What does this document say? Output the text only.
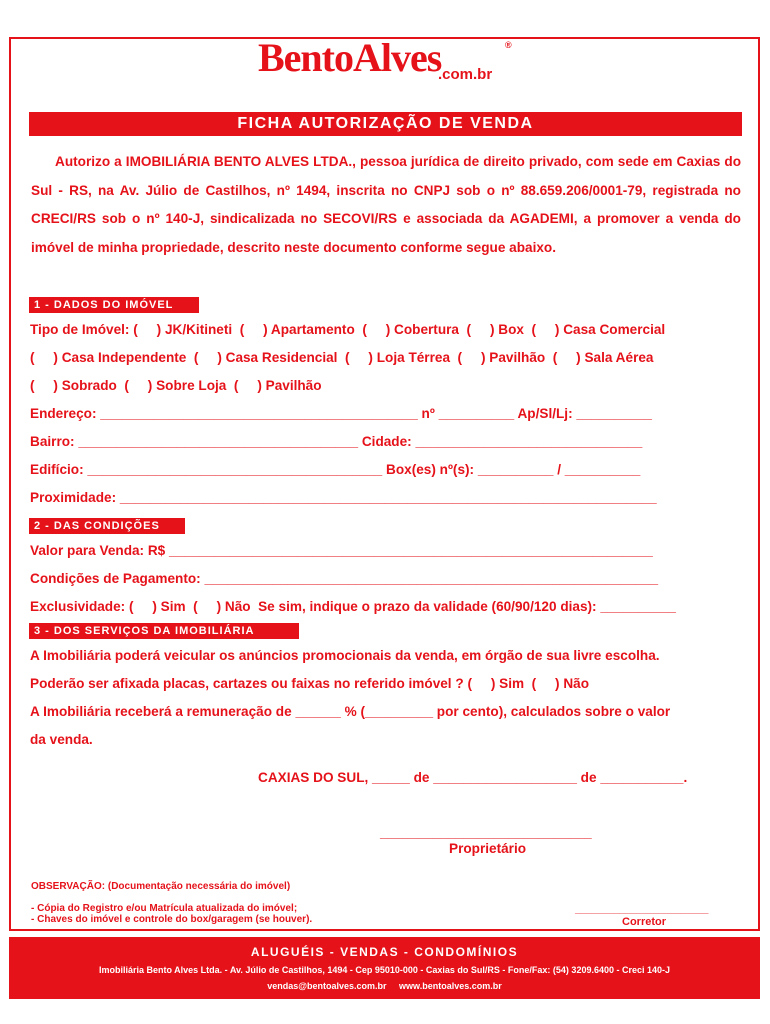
BentoAlves	®
.com.br
FICHA AUTORIZAÇÃO DE VENDA
Autorizo a IMOBILIÁRIA BENTO ALVES LTDA., pessoa jurídica de direito privado, com sede em Caxias do Sul - RS, na Av. Júlio de Castilhos, nº 1494, inscrita no CNPJ sob o nº 88.659.206/0001-79, registrada no CRECI/RS sob o nº 140-J, sindicalizada no SECOVI/RS e associada da AGADEMI, a promover a venda do imóvel de minha propriedade, descrito neste documento conforme segue abaixo.
1 - DADOS DO IMÓVEL
Tipo de Imóvel: (     ) JK/Kitineti  (     ) Apartamento  (     ) Cobertura  (     ) Box  (     ) Casa Comercial
(     ) Casa Independente  (     ) Casa Residencial  (     ) Loja Térrea  (     ) Pavilhão  (     ) Sala Aérea
(     ) Sobrado  (     ) Sobre Loja  (     ) Pavilhão
Endereço: __________________________________________ nº __________ Ap/Sl/Lj: __________
Bairro: _____________________________________ Cidade: ______________________________
Edifício: _______________________________________ Box(es) nº(s): __________ / __________
Proximidade: _______________________________________________________________________
2 - DAS CONDIÇÕES
Valor para Venda: R$ ________________________________________________________________
Condições de Pagamento: ____________________________________________________________
Exclusividade: (     ) Sim  (     ) Não  Se sim, indique o prazo da validade (60/90/120 dias): __________
3 - DOS SERVIÇOS DA IMOBILIÁRIA
A Imobiliária poderá veicular os anúncios promocionais da venda, em órgão de sua livre escolha.
Poderão ser afixada placas, cartazes ou faixas no referido imóvel ? (     ) Sim  (     ) Não
A Imobiliária receberá a remuneração de ______ % (_________ por cento), calculados sobre o valor
da venda.
CAXIAS DO SUL, _____ de ___________________ de ___________.
____________________________
Proprietário
OBSERVAÇÃO: (Documentação necessária do imóvel)
- Cópia do Registro e/ou Matrícula atualizada do imóvel;
- Chaves do imóvel e controle do box/garagem (se houver).
________________________
Corretor
ALUGUÉIS - VENDAS - CONDOMÍNIOS
Imobiliária Bento Alves Ltda. - Av. Júlio de Castilhos, 1494 - Cep 95010-000 - Caxias do Sul/RS - Fone/Fax: (54) 3209.6400 - Creci 140-J
vendas@bentoalves.com.br     www.bentoalves.com.br
